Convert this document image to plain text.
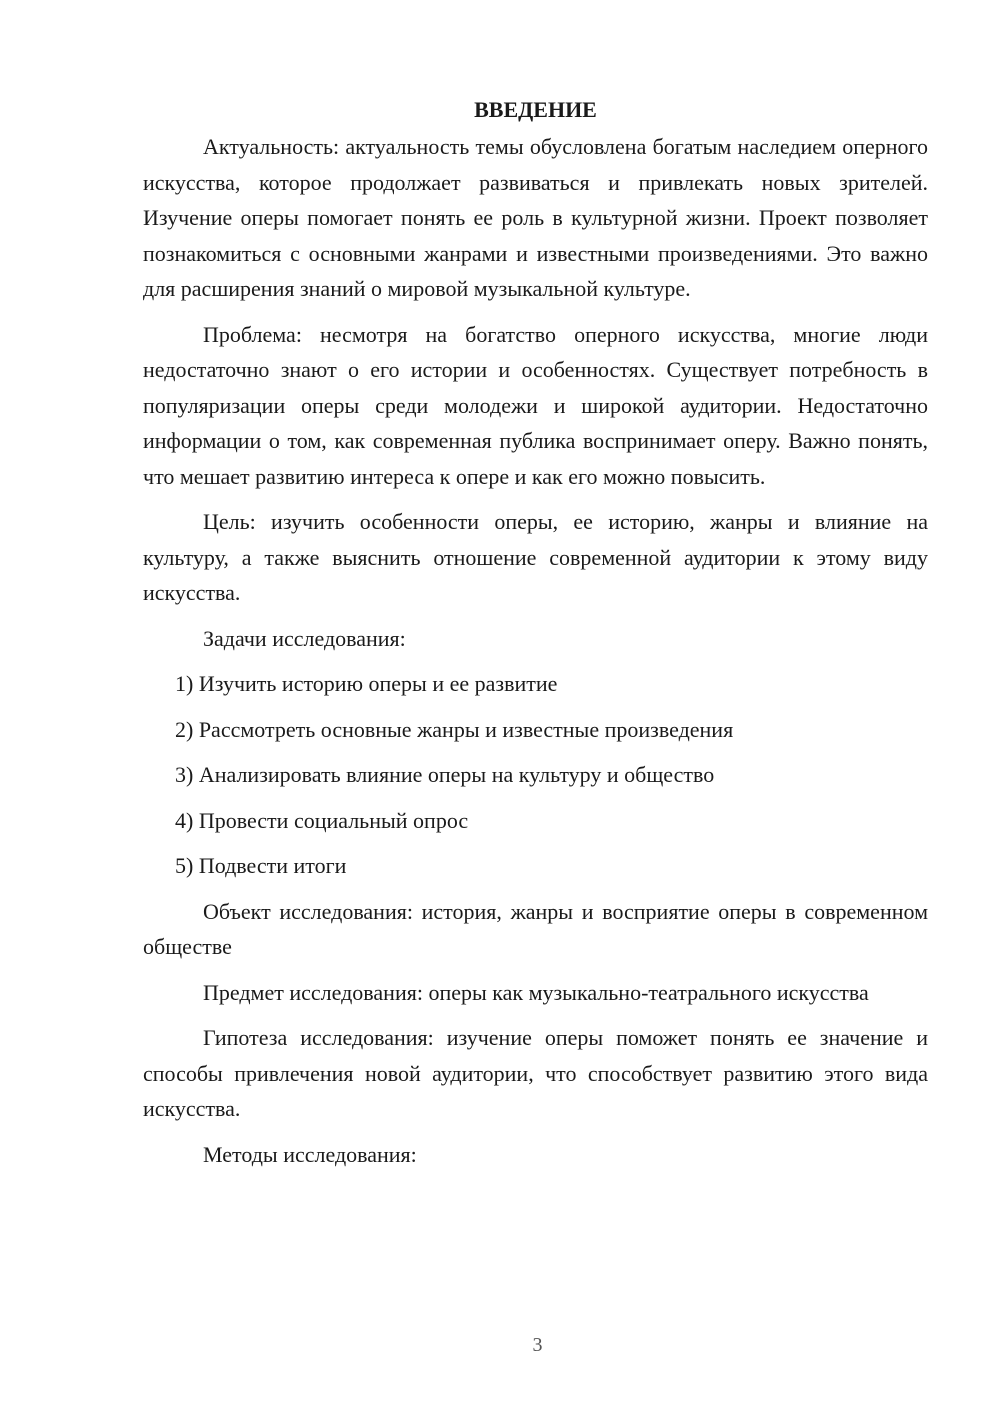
ВВЕДЕНИЕ

Актуальность: актуальность темы обусловлена богатым наследием оперного искусства, которое продолжает развиваться и привлекать новых зрителей. Изучение оперы помогает понять ее роль в культурной жизни. Проект позволяет познакомиться с основными жанрами и известными произведениями. Это важно для расширения знаний о мировой музыкальной культуре.

Проблема: несмотря на богатство оперного искусства, многие люди недостаточно знают о его истории и особенностях. Существует потребность в популяризации оперы среди молодежи и широкой аудитории. Недостаточно информации о том, как современная публика воспринимает оперу. Важно понять, что мешает развитию интереса к опере и как его можно повысить.

Цель: изучить особенности оперы, ее историю, жанры и влияние на культуру, а также выяснить отношение современной аудитории к этому виду искусства.

Задачи исследования:

1) Изучить историю оперы и ее развитие
2) Рассмотреть основные жанры и известные произведения
3) Анализировать влияние оперы на культуру и общество
4) Провести социальный опрос
5) Подвести итоги

Объект исследования: история, жанры и восприятие оперы в современном обществе

Предмет исследования: оперы как музыкально-театрального искусства

Гипотеза исследования: изучение оперы поможет понять ее значение и способы привлечения новой аудитории, что способствует развитию этого вида искусства.

Методы исследования:

3
